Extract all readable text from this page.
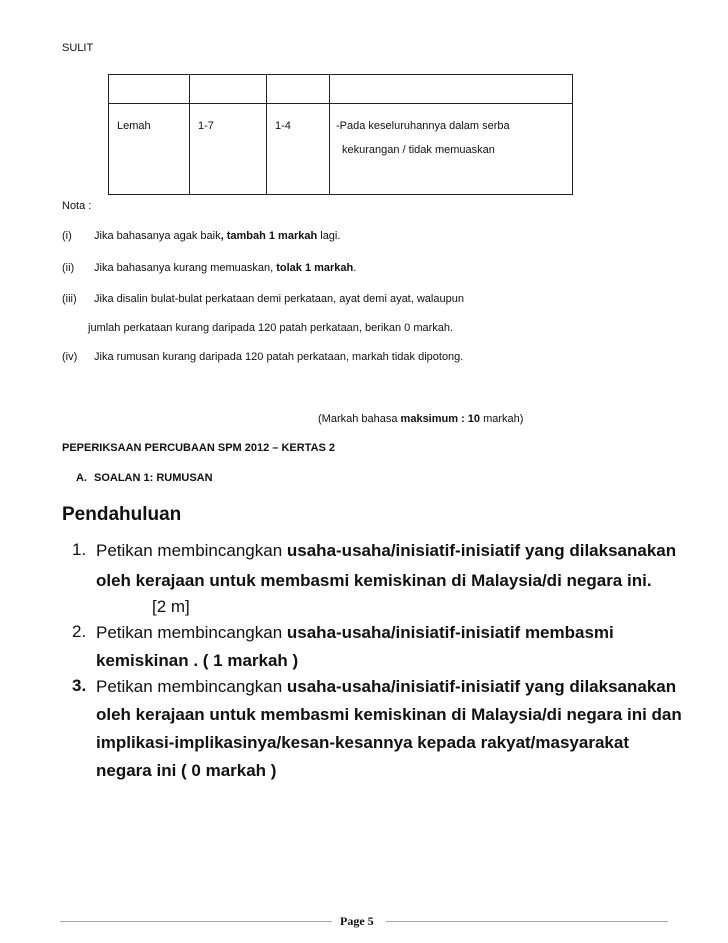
SULIT

Lemah	1-7	1-4	-Pada keseluruhannya dalam serba
kekurangan / tidak memuaskan
Nota :
(i) Jika bahasanya agak baik, tambah 1 markah lagi.
(ii) Jika bahasanya kurang memuaskan, tolak 1 markah.
(iii) Jika disalin bulat-bulat perkataan demi perkataan, ayat demi ayat, walaupun
jumlah perkataan kurang daripada 120 patah perkataan, berikan 0 markah.
(iv) Jika rumusan kurang daripada 120 patah perkataan, markah tidak dipotong.
(Markah bahasa maksimum : 10 markah)
PEPERIKSAAN PERCUBAAN SPM 2012 – KERTAS 2
A. SOALAN 1: RUMUSAN
Pendahuluan
1. Petikan membincangkan usaha-usaha/inisiatif-inisiatif yang dilaksanakan
oleh kerajaan untuk membasmi kemiskinan di Malaysia/di negara ini.
[2 m]
2. Petikan membincangkan usaha-usaha/inisiatif-inisiatif membasmi
kemiskinan . ( 1 markah )
3. Petikan membincangkan usaha-usaha/inisiatif-inisiatif yang dilaksanakan
oleh kerajaan untuk membasmi kemiskinan di Malaysia/di negara ini dan
implikasi-implikasinya/kesan-kesannya kepada rakyat/masyarakat
negara ini ( 0 markah )
Page 5
